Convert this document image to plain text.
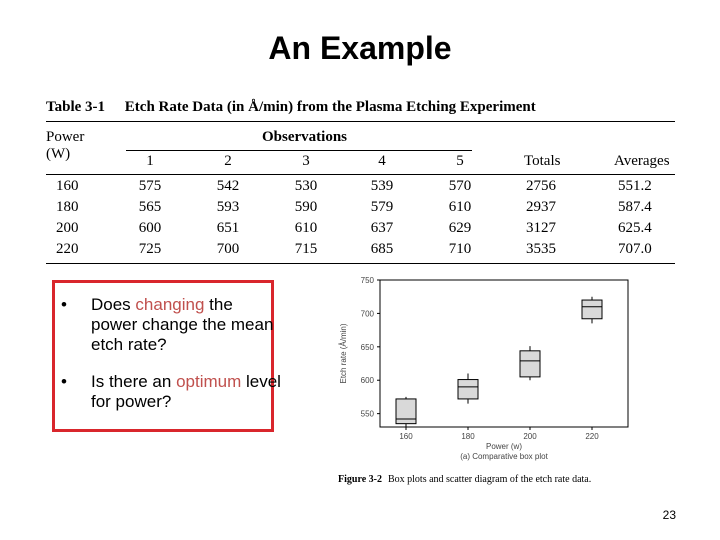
An Example
Table 3-1 Etch Rate Data (in Å/min) from the Plasma Etching Experiment
Power
(W)
Observations
1	2	3	4	5	Totals	Averages
160	575	542	530	539	570	2756	551.2
180	565	593	590	579	610	2937	587.4
200	600	651	610	637	629	3127	625.4
220	725	700	715	685	710	3535	707.0
• Does changing the power change the mean etch rate?
• Is there an optimum level for power?
550
600
650
700
750
160	180	200	220
Etch rate (Å/min)
Power (w)
(a) Comparative box plot
Figure 3-2 Box plots and scatter diagram of the etch rate data.
23
